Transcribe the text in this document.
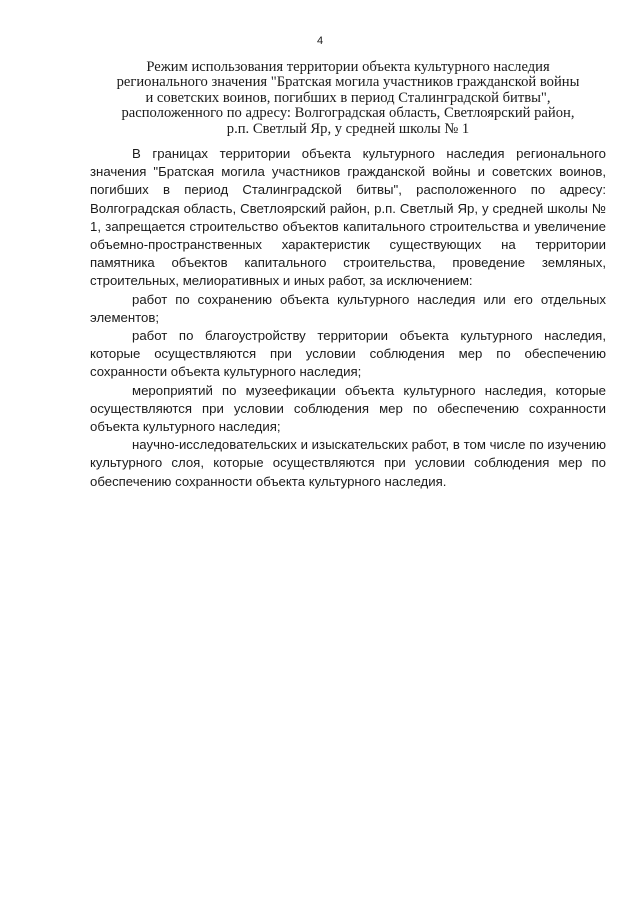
4
Режим использования территории объекта культурного наследия
регионального значения "Братская могила участников гражданской войны
и советских воинов, погибших в период Сталинградской битвы",
расположенного по адресу: Волгоградская область, Светлоярский район,
р.п. Светлый Яр, у средней школы № 1

В границах территории объекта культурного наследия регионального значения "Братская могила участников гражданской войны и советских воинов, погибших в период Сталинградской битвы", расположенного по адресу: Волгоградская область, Светлоярский район, р.п. Светлый Яр, у средней школы № 1, запрещается строительство объектов капитального строительства и увеличение объемно-пространственных характеристик существующих на территории памятника объектов капитального строительства, проведение земляных, строительных, мелиоративных и иных работ, за исключением:

работ по сохранению объекта культурного наследия или его отдельных элементов;

работ по благоустройству территории объекта культурного наследия, которые осуществляются при условии соблюдения мер по обеспечению сохранности объекта культурного наследия;

мероприятий по музеефикации объекта культурного наследия, которые осуществляются при условии соблюдения мер по обеспечению сохранности объекта культурного наследия;

научно-исследовательских и изыскательских работ, в том числе по изучению культурного слоя, которые осуществляются при условии соблюдения мер по обеспечению сохранности объекта культурного наследия.
